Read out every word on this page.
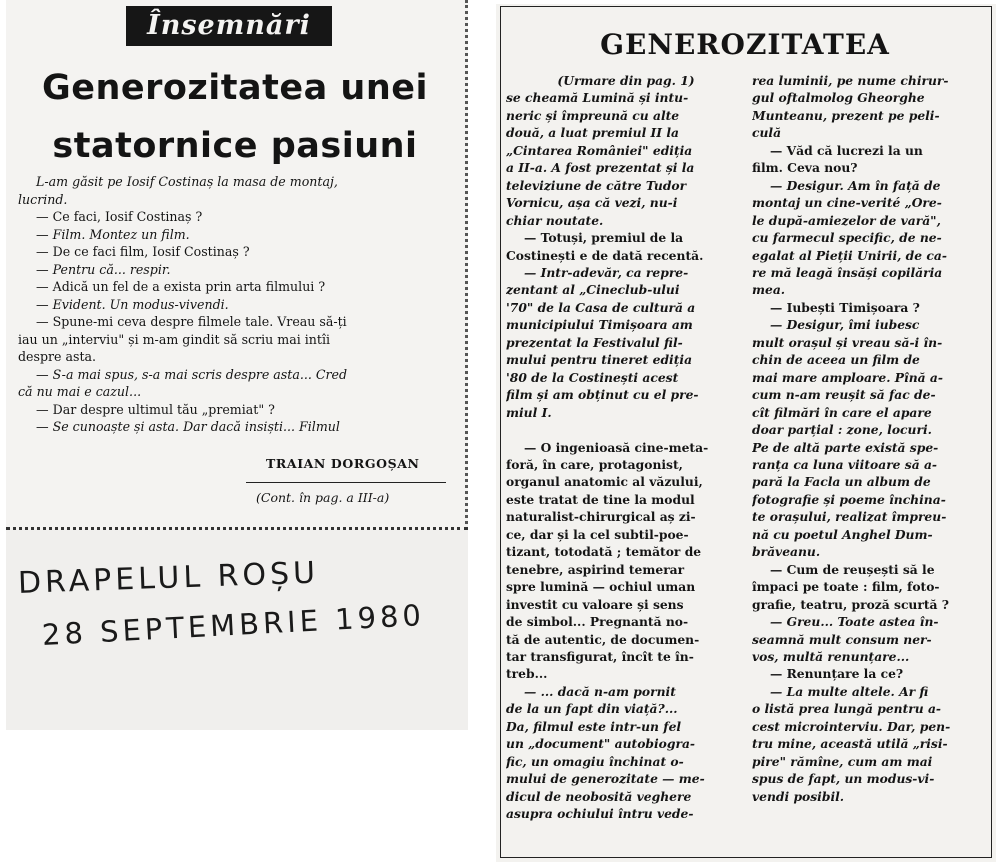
Însemnări
Generozitatea unei
statornice pasiuni
L-am găsit pe Iosif Costinaș la masa de montaj,
lucrind.
— Ce faci, Iosif Costinaș ?
— Film. Montez un film.
— De ce faci film, Iosif Costinaș ?
— Pentru că... respir.
— Adică un fel de a exista prin arta filmului ?
— Evident. Un modus-vivendi.
— Spune-mi ceva despre filmele tale. Vreau să-ți
iau un „interviu" și m-am gindit să scriu mai intîi
despre asta.
— S-a mai spus, s-a mai scris despre asta... Cred
că nu mai e cazul...
— Dar despre ultimul tău „premiat" ?
— Se cunoaște și asta. Dar dacă insiști... Filmul
TRAIAN DORGOȘAN
(Cont. în pag. a III-a)
DRAPELUL ROȘU
28 SEPTEMBRIE 1980
GENEROZITATEA
(Urmare din pag. 1)
se cheamă Lumină și intu-
neric și împreună cu alte
două, a luat premiul II la
„Cintarea României" ediția
a II-a. A fost prezentat și la
televiziune de către Tudor
Vornicu, așa că vezi, nu-i
chiar noutate.
— Totuși, premiul de la
Costinești e de dată recentă.
— Intr-adevăr, ca repre-
zentant al „Cineclub-ului
'70" de la Casa de cultură a
municipiului Timișoara am
prezentat la Festivalul fil-
mului pentru tineret ediția
'80 de la Costinești acest
film și am obținut cu el pre-
miul I.

— O ingenioasă cine-meta-
foră, în care, protagonist,
organul anatomic al văzului,
este tratat de tine la modul
naturalist-chirurgical aș zi-
ce, dar și la cel subtil-poe-
tizant, totodată ; temător de
tenebre, aspirind temerar
spre lumină — ochiul uman
investit cu valoare și sens
de simbol... Pregnantă no-
tă de autentic, de documen-
tar transfigurat, încît te în-
treb...
— ... dacă n-am pornit
de la un fapt din viață?...
Da, filmul este intr-un fel
un „document" autobiogra-
fic, un omagiu închinat o-
mului de generozitate — me-
dicul de neobosită veghere
asupra ochiului întru vede-
rea luminii, pe nume chirur-
gul oftalmolog Gheorghe
Munteanu, prezent pe peli-
culă
— Văd că lucrezi la un
film. Ceva nou?
— Desigur. Am în față de
montaj un cine-verité „Ore-
le după-amiezelor de vară",
cu farmecul specific, de ne-
egalat al Pieții Unirii, de ca-
re mă leagă însăși copilăria
mea.
— Iubești Timișoara ?
— Desigur, îmi iubesc
mult orașul și vreau să-i în-
chin de aceea un film de
mai mare amploare. Pînă a-
cum n-am reușit să fac de-
cît filmări în care el apare
doar parțial : zone, locuri.
Pe de altă parte există spe-
ranța ca luna viitoare să a-
pară la Facla un album de
fotografie și poeme închina-
te orașului, realizat împreu-
nă cu poetul Anghel Dum-
brăveanu.
— Cum de reușești să le
împaci pe toate : film, foto-
grafie, teatru, proză scurtă ?
— Greu... Toate astea în-
seamnă mult consum ner-
vos, multă renunțare...
— Renunțare la ce?
— La multe altele. Ar fi
o listă prea lungă pentru a-
cest microinterviu. Dar, pen-
tru mine, această utilă „risi-
pire" rămîne, cum am mai
spus de fapt, un modus-vi-
vendi posibil.
